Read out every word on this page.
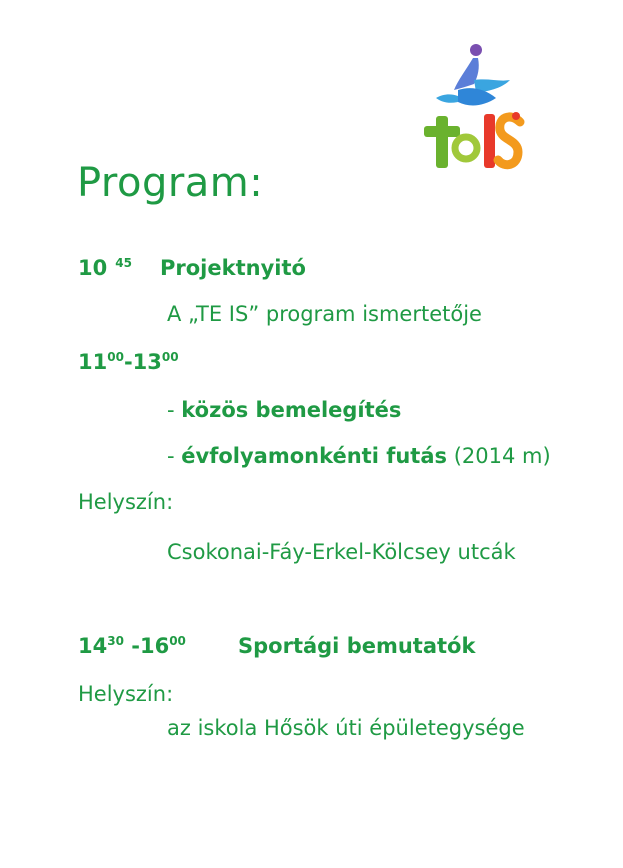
Program:
10 $^{45}$ Projektnyitó
A „TE IS” program ismertetője
$11^{00}-13^{00}$
- közös bemelegítés
- évfolyamonkénti futás (2014 m)
Helyszín:
Csokonai-Fáy-Erkel-Kölcsey utcák
$14^{30}$ $-16^{00}$ Sportági bemutatók
Helyszín:
az iskola Hősök úti épületegysége
